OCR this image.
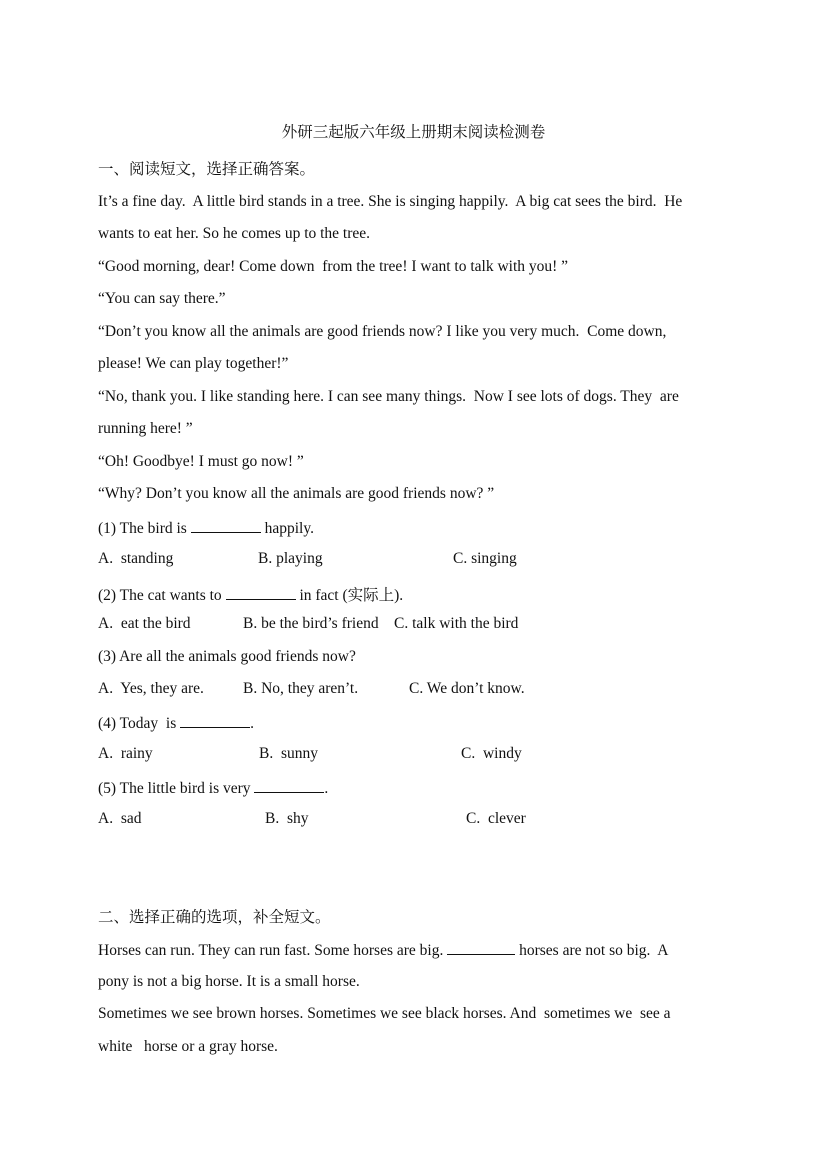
外研三起版六年级上册期末阅读检测卷
一、阅读短文，选择正确答案。
It’s a fine day.  A little bird stands in a tree. She is singing happily.  A big cat sees the bird.  He
wants to eat her. So he comes up to the tree.
“Good morning, dear! Come down  from the tree! I want to talk with you! ”
“You can say there.”
“Don’t you know all the animals are good friends now? I like you very much.  Come down,
please! We can play together!”
“No, thank you. I like standing here. I can see many things.  Now I see lots of dogs. They  are
running here! ”
“Oh! Goodbye! I must go now! ”
“Why? Don’t you know all the animals are good friends now? ”
(1) The bird is	happily.
A.  standing	B. playing	C. singing
(2) The cat wants to	in fact (实际上).
A.  eat the bird	B. be the bird’s friend C. talk with the bird
(3) Are all the animals good friends now?
A.  Yes, they are.	B. No, they aren’t.	C. We don’t know.
(4) Today  is	.
A.  rainy	B.  sunny	C.  windy
(5) The little bird is very	.
A.  sad	B.  shy	C.  clever
二、选择正确的选项，补全短文。
Horses can run. They can run fast. Some horses are big.	horses are not so big.  A
pony is not a big horse. It is a small horse.
Sometimes we see brown horses. Sometimes we see black horses. And  sometimes we  see a
white   horse or a gray horse.
